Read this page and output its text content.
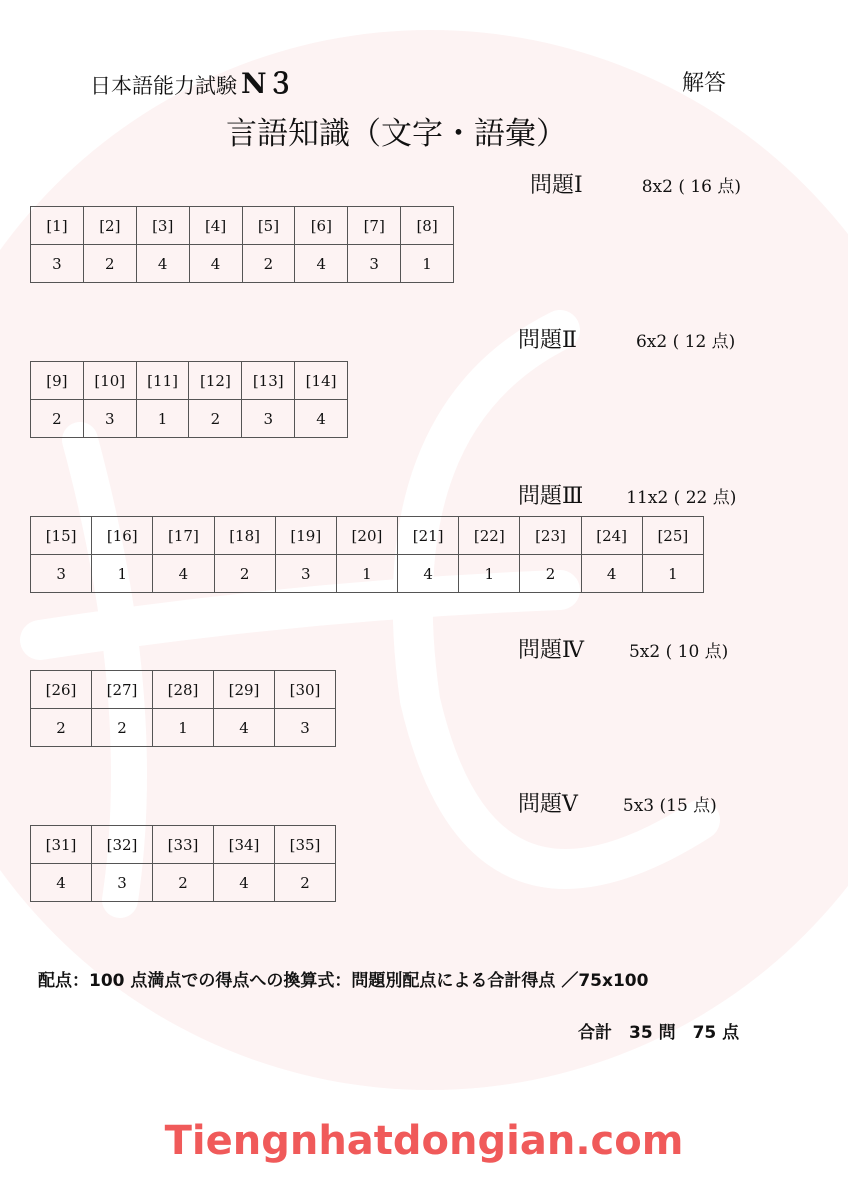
日本語能力試験 N３	解答
言語知識（文字・語彙）
問題Ⅰ	8x2 ( 16 点)
[1]	[2]	[3]	[4]	[5]	[6]	[7]	[8]
3	2	4	4	2	4	3	1
問題Ⅱ	6x2 ( 12 点)
[9]	[10]	[11]	[12]	[13]	[14]
2	3	1	2	3	4
問題Ⅲ	11x2 ( 22 点)
[15]	[16]	[17]	[18]	[19]	[20]	[21]	[22]	[23]	[24]	[25]
3	1	4	2	3	1	4	1	2	4	1
問題Ⅳ	5x2 ( 10 点)
[26]	[27]	[28]	[29]	[30]
2	2	1	4	3
問題Ⅴ	5x3 (15 点)
[31]	[32]	[33]	[34]	[35]
4	3	2	4	2
配点：100 点満点での得点への換算式：問題別配点による合計得点 ／75x100
合計　35 問　75 点
Tiengnhatdongian.com
